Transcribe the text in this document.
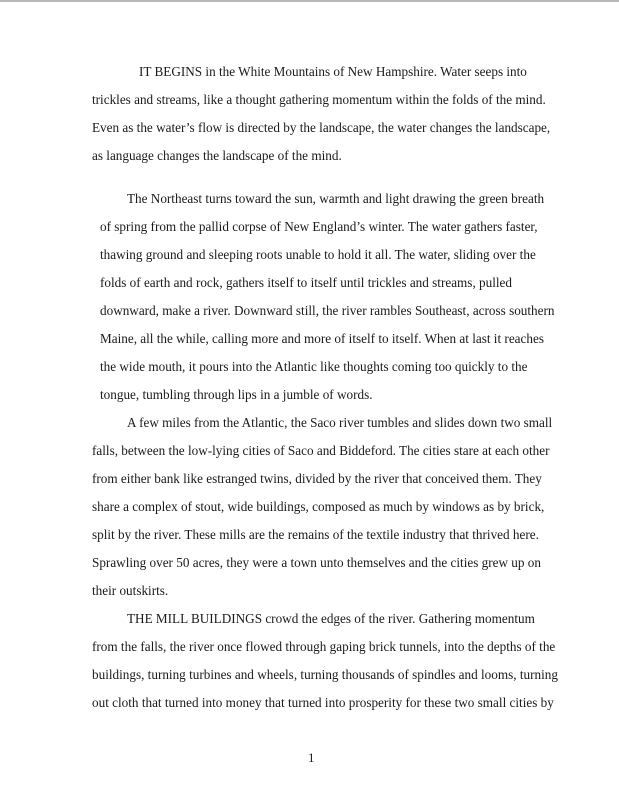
IT BEGINS in the White Mountains of New Hampshire. Water seeps into
trickles and streams, like a thought gathering momentum within the folds of the mind.
Even as the water’s flow is directed by the landscape, the water changes the landscape,
as language changes the landscape of the mind.
The Northeast turns toward the sun, warmth and light drawing the green breath
of spring from the pallid corpse of New England’s winter. The water gathers faster,
thawing ground and sleeping roots unable to hold it all. The water, sliding over the
folds of earth and rock, gathers itself to itself until trickles and streams, pulled
downward, make a river. Downward still, the river rambles Southeast, across southern
Maine, all the while, calling more and more of itself to itself. When at last it reaches
the wide mouth, it pours into the Atlantic like thoughts coming too quickly to the
tongue, tumbling through lips in a jumble of words.
A few miles from the Atlantic, the Saco river tumbles and slides down two small
falls, between the low-lying cities of Saco and Biddeford. The cities stare at each other
from either bank like estranged twins, divided by the river that conceived them. They
share a complex of stout, wide buildings, composed as much by windows as by brick,
split by the river. These mills are the remains of the textile industry that thrived here.
Sprawling over 50 acres, they were a town unto themselves and the cities grew up on
their outskirts.
THE MILL BUILDINGS crowd the edges of the river. Gathering momentum
from the falls, the river once flowed through gaping brick tunnels, into the depths of the
buildings, turning turbines and wheels, turning thousands of spindles and looms, turning
out cloth that turned into money that turned into prosperity for these two small cities by
1
